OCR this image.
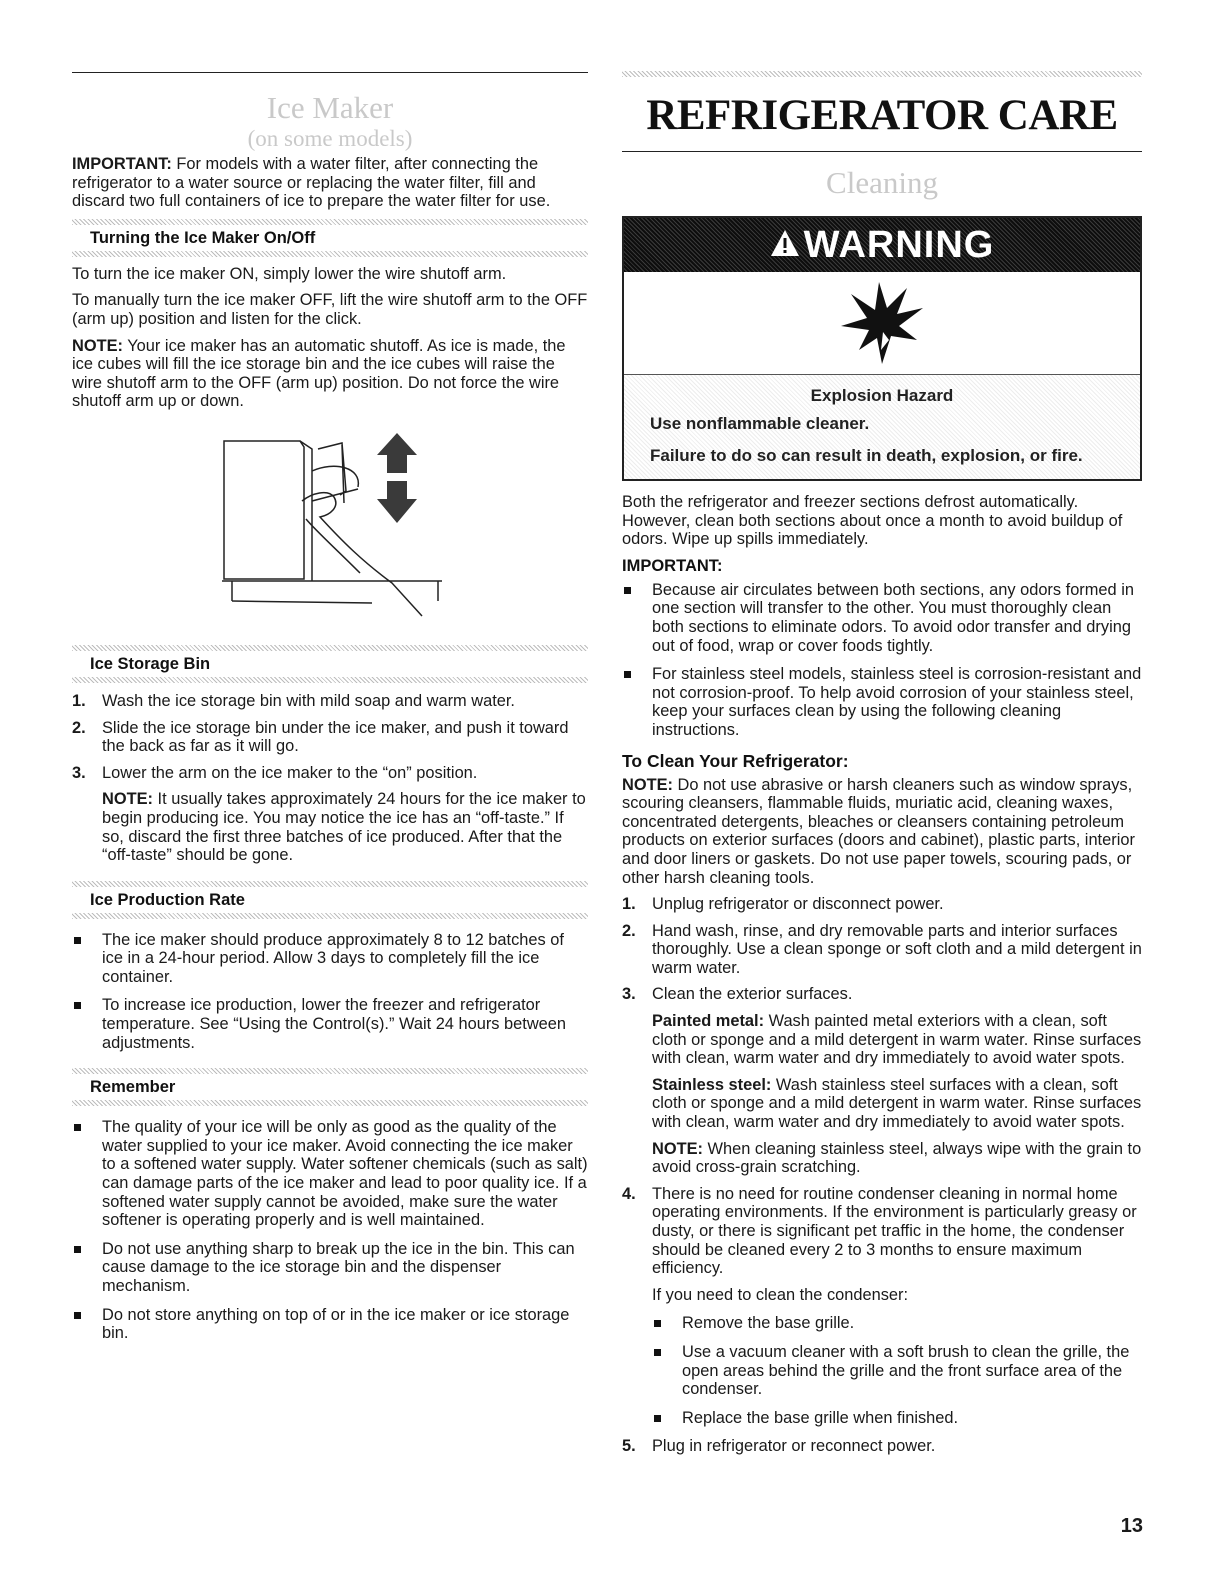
Ice Maker
(on some models)

IMPORTANT: For models with a water filter, after connecting the refrigerator to a water source or replacing the water filter, fill and discard two full containers of ice to prepare the water filter for use.

Turning the Ice Maker On/Off

To turn the ice maker ON, simply lower the wire shutoff arm.

To manually turn the ice maker OFF, lift the wire shutoff arm to the OFF (arm up) position and listen for the click.

NOTE: Your ice maker has an automatic shutoff. As ice is made, the ice cubes will fill the ice storage bin and the ice cubes will raise the wire shutoff arm to the OFF (arm up) position. Do not force the wire shutoff arm up or down.

Ice Storage Bin
1. Wash the ice storage bin with mild soap and warm water.
2. Slide the ice storage bin under the ice maker, and push it toward the back as far as it will go.
3. Lower the arm on the ice maker to the “on” position.

NOTE: It usually takes approximately 24 hours for the ice maker to begin producing ice. You may notice the ice has an “off-taste.” If so, discard the first three batches of ice produced. After that the “off-taste” should be gone.

Ice Production Rate
The ice maker should produce approximately 8 to 12 batches of ice in a 24-hour period. Allow 3 days to completely fill the ice container.
To increase ice production, lower the freezer and refrigerator temperature. See “Using the Control(s).” Wait 24 hours between adjustments.
Remember
The quality of your ice will be only as good as the quality of the water supplied to your ice maker. Avoid connecting the ice maker to a softened water supply. Water softener chemicals (such as salt) can damage parts of the ice maker and lead to poor quality ice. If a softened water supply cannot be avoided, make sure the water softener is operating properly and is well maintained.
Do not use anything sharp to break up the ice in the bin. This can cause damage to the ice storage bin and the dispenser mechanism.
Do not store anything on top of or in the ice maker or ice storage bin.
REFRIGERATOR CARE
Cleaning
WARNING
Explosion Hazard
Use nonflammable cleaner.
Failure to do so can result in death, explosion, or fire.

Both the refrigerator and freezer sections defrost automatically. However, clean both sections about once a month to avoid buildup of odors. Wipe up spills immediately.

IMPORTANT:
Because air circulates between both sections, any odors formed in one section will transfer to the other. You must thoroughly clean both sections to eliminate odors. To avoid odor transfer and drying out of food, wrap or cover foods tightly.
For stainless steel models, stainless steel is corrosion-resistant and not corrosion-proof. To help avoid corrosion of your stainless steel, keep your surfaces clean by using the following cleaning instructions.
To Clean Your Refrigerator:

NOTE: Do not use abrasive or harsh cleaners such as window sprays, scouring cleansers, flammable fluids, muriatic acid, cleaning waxes, concentrated detergents, bleaches or cleansers containing petroleum products on exterior surfaces (doors and cabinet), plastic parts, interior and door liners or gaskets. Do not use paper towels, scouring pads, or other harsh cleaning tools.

1. Unplug refrigerator or disconnect power.
2. Hand wash, rinse, and dry removable parts and interior surfaces thoroughly. Use a clean sponge or soft cloth and a mild detergent in warm water.
3. Clean the exterior surfaces.

Painted metal: Wash painted metal exteriors with a clean, soft cloth or sponge and a mild detergent in warm water. Rinse surfaces with clean, warm water and dry immediately to avoid water spots.

Stainless steel: Wash stainless steel surfaces with a clean, soft cloth or sponge and a mild detergent in warm water. Rinse surfaces with clean, warm water and dry immediately to avoid water spots.

NOTE: When cleaning stainless steel, always wipe with the grain to avoid cross-grain scratching.

4. There is no need for routine condenser cleaning in normal home operating environments. If the environment is particularly greasy or dusty, or there is significant pet traffic in the home, the condenser should be cleaned every 2 to 3 months to ensure maximum efficiency.

If you need to clean the condenser:

Remove the base grille.
Use a vacuum cleaner with a soft brush to clean the grille, the open areas behind the grille and the front surface area of the condenser.
Replace the base grille when finished.
5. Plug in refrigerator or reconnect power.
13
